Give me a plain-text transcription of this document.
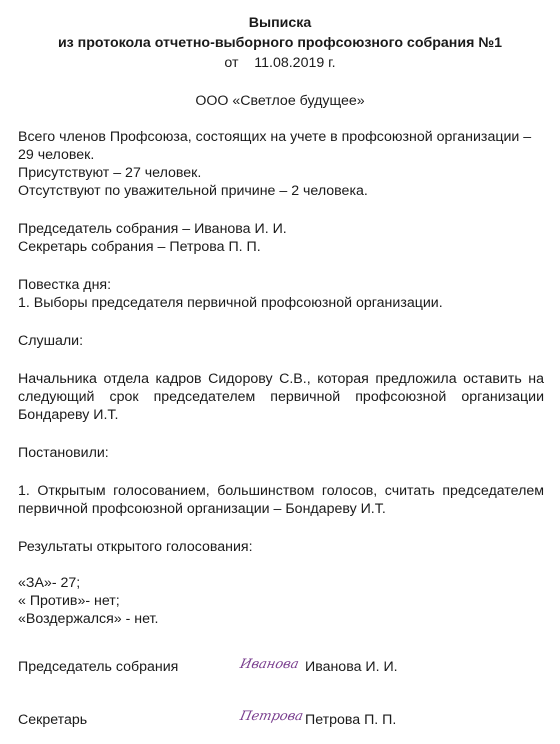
Выписка
из протокола отчетно-выборного профсоюзного собрания №1
от 11.08.2019 г.
ООО «Светлое будущее»
Всего членов Профсоюза, состоящих на учете в профсоюзной организации –
29 человек.
Присутствуют – 27 человек.
Отсутствуют по уважительной причине – 2 человека.
Председатель собрания – Иванова И. И.
Секретарь собрания – Петрова П. П.
Повестка дня:
1. Выборы председателя первичной профсоюзной организации.
Слушали:
Начальника отдела кадров Сидорову С.В., которая предложила оставить на
следующий срок председателем первичной профсоюзной организации
Бондареву И.Т.
Постановили:
1. Открытым голосованием, большинством голосов, считать председателем
первичной профсоюзной организации – Бондареву И.Т.
Результаты открытого голосования:
«ЗА»- 27;
« Против»- нет;
«Воздержался» - нет.
Председатель собрания	Иванова Иванова И. И.
Секретарь	Петрова Петрова П. П.
